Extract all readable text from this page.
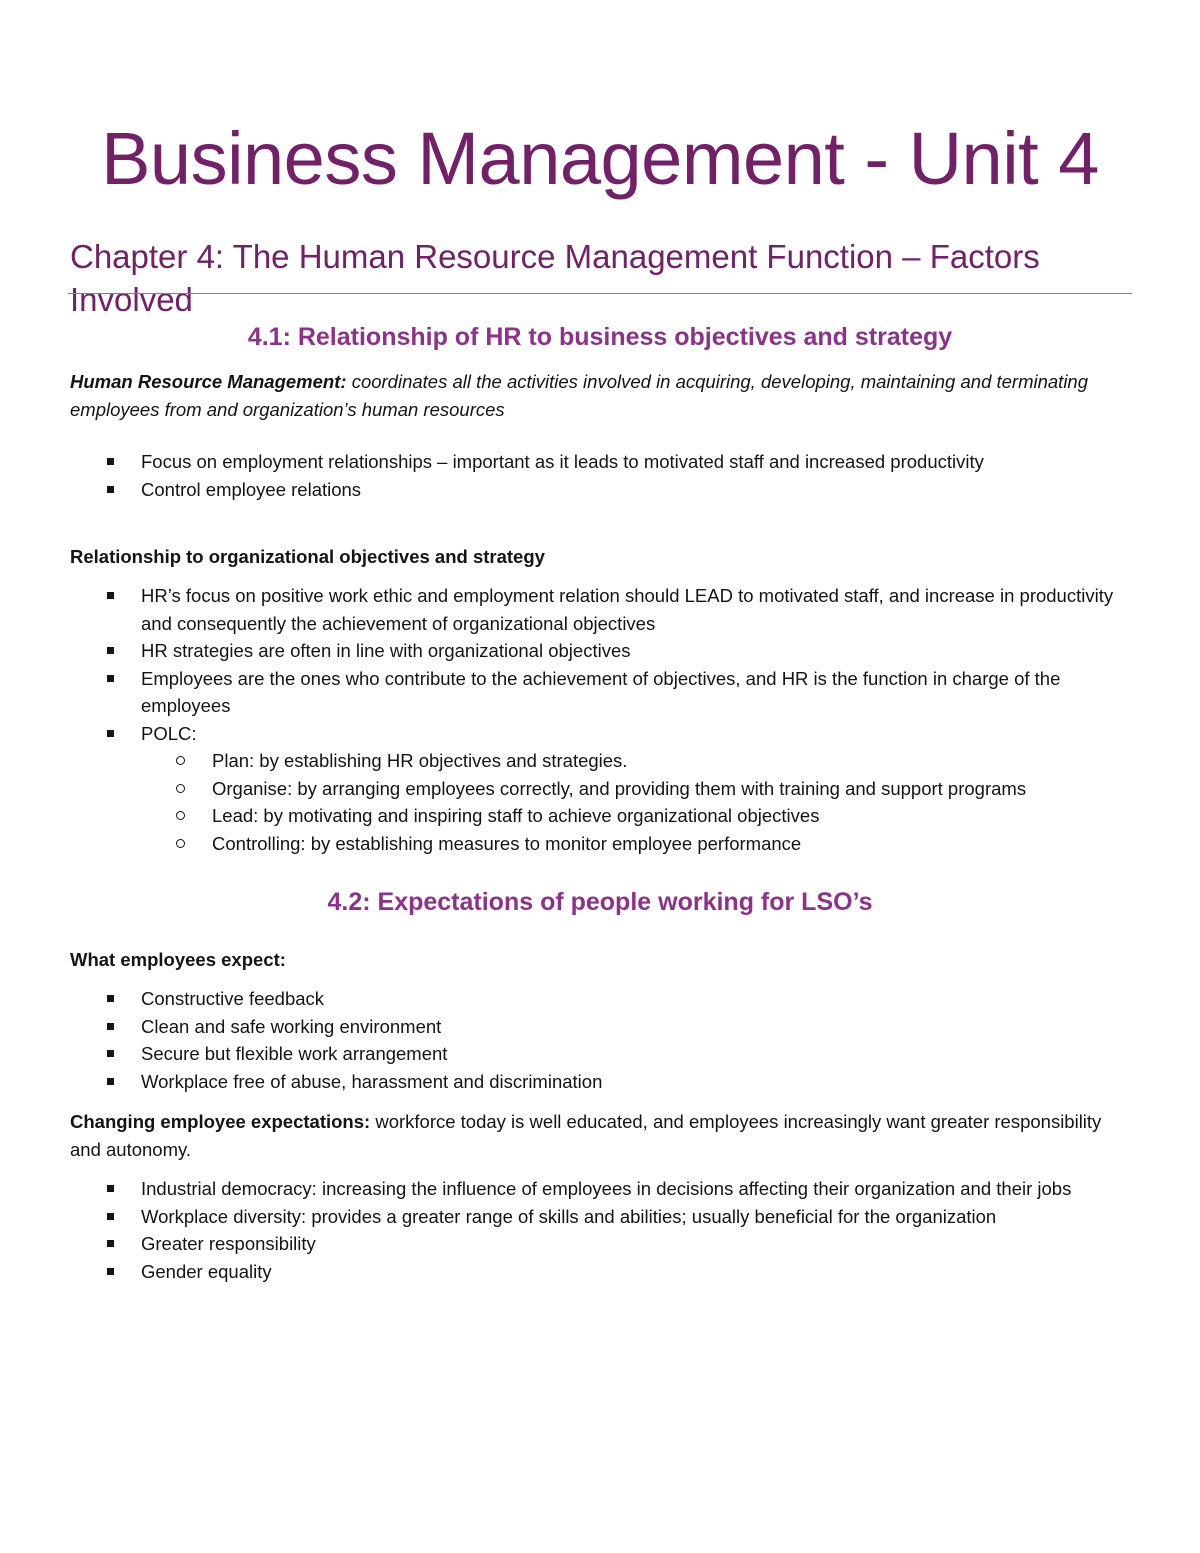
Business Management - Unit 4
Chapter 4: The Human Resource Management Function – Factors Involved
4.1: Relationship of HR to business objectives and strategy

Human Resource Management: coordinates all the activities involved in acquiring, developing, maintaining and terminating employees from and organization’s human resources

Focus on employment relationships – important as it leads to motivated staff and increased productivity
Control employee relations

Relationship to organizational objectives and strategy

HR’s focus on positive work ethic and employment relation should LEAD to motivated staff, and increase in productivity and consequently the achievement of organizational objectives
HR strategies are often in line with organizational objectives
Employees are the ones who contribute to the achievement of objectives, and HR is the function in charge of the employees
POLC:
Plan: by establishing HR objectives and strategies.
Organise: by arranging employees correctly, and providing them with training and support programs
Lead: by motivating and inspiring staff to achieve organizational objectives
Controlling: by establishing measures to monitor employee performance
4.2: Expectations of people working for LSO’s

What employees expect:

Constructive feedback
Clean and safe working environment
Secure but flexible work arrangement
Workplace free of abuse, harassment and discrimination

Changing employee expectations: workforce today is well educated, and employees increasingly want greater responsibility and autonomy.

Industrial democracy: increasing the influence of employees in decisions affecting their organization and their jobs
Workplace diversity: provides a greater range of skills and abilities; usually beneficial for the organization
Greater responsibility
Gender equality
